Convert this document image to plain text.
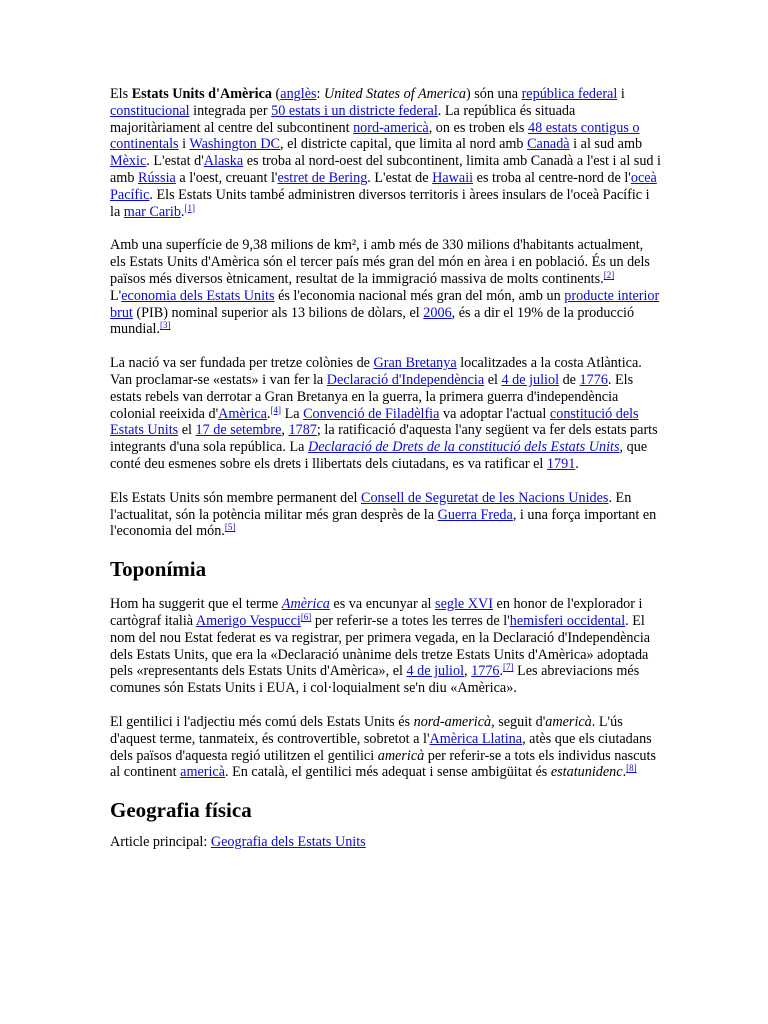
Els Estats Units d'Amèrica (anglès: United States of America) són una república federal i constitucional integrada per 50 estats i un districte federal. La república és situada majoritàriament al centre del subcontinent nord-americà, on es troben els 48 estats contigus o continentals i Washington DC, el districte capital, que limita al nord amb Canadà i al sud amb Mèxic. L'estat d'Alaska es troba al nord-oest del subcontinent, limita amb Canadà a l'est i al sud i amb Rússia a l'oest, creuant l'estret de Bering. L'estat de Hawaii es troba al centre-nord de l'oceà Pacífic. Els Estats Units també administren diversos territoris i àrees insulars de l'oceà Pacífic i la mar Carib.[1]

Amb una superfície de 9,38 milions de km², i amb més de 330 milions d'habitants actualment, els Estats Units d'Amèrica són el tercer país més gran del món en àrea i en població. És un dels països més diversos ètnicament, resultat de la immigració massiva de molts continents.[2] L'economia dels Estats Units és l'economia nacional més gran del món, amb un producte interior brut (PIB) nominal superior als 13 bilions de dòlars, el 2006, és a dir el 19% de la producció mundial.[3]

La nació va ser fundada per tretze colònies de Gran Bretanya localitzades a la costa Atlàntica. Van proclamar-se «estats» i van fer la Declaració d'Independència el 4 de juliol de 1776. Els estats rebels van derrotar a Gran Bretanya en la guerra, la primera guerra d'independència colonial reeixida d'Amèrica.[4] La Convenció de Filadèlfia va adoptar l'actual constitució dels Estats Units el 17 de setembre, 1787; la ratificació d'aquesta l'any següent va fer dels estats parts integrants d'una sola república. La Declaració de Drets de la constitució dels Estats Units, que conté deu esmenes sobre els drets i llibertats dels ciutadans, es va ratificar el 1791.

Els Estats Units són membre permanent del Consell de Seguretat de les Nacions Unides. En l'actualitat, són la potència militar més gran desprès de la Guerra Freda, i una força important en l'economia del món.[5]

Toponímia

Hom ha suggerit que el terme Amèrica es va encunyar al segle XVI en honor de l'explorador i cartògraf italià Amerigo Vespucci[6] per referir-se a totes les terres de l'hemisferi occidental. El nom del nou Estat federat es va registrar, per primera vegada, en la Declaració d'Independència dels Estats Units, que era la «Declaració unànime dels tretze Estats Units d'Amèrica» adoptada pels «representants dels Estats Units d'Amèrica», el 4 de juliol, 1776.[7] Les abreviacions més comunes són Estats Units i EUA, i col·loquialment se'n diu «Amèrica».

El gentilici i l'adjectiu més comú dels Estats Units és nord-americà, seguit d'americà. L'ús d'aquest terme, tanmateix, és controvertible, sobretot a l'Amèrica Llatina, atès que els ciutadans dels països d'aquesta regió utilitzen el gentilici americà per referir-se a tots els individus nascuts al continent americà. En català, el gentilici més adequat i sense ambigüitat és estatunidenc.[8]

Geografia física

Article principal: Geografia dels Estats Units
